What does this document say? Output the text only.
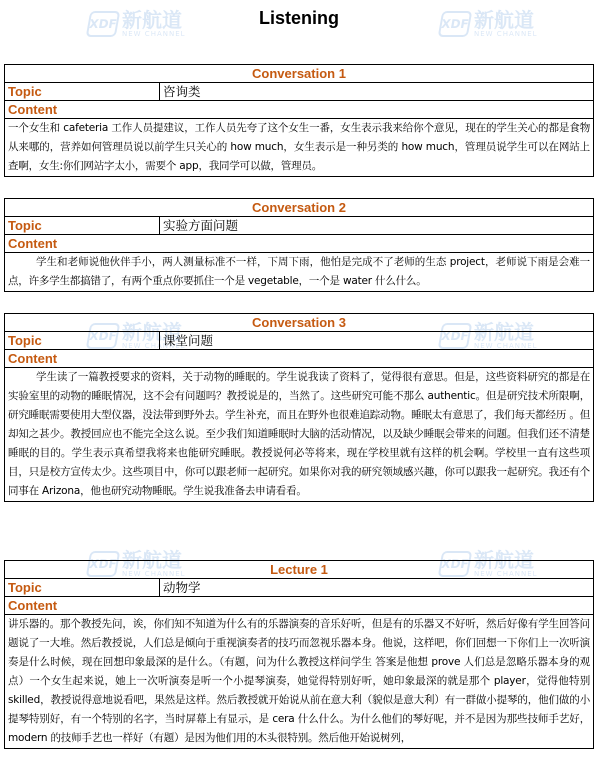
XDF 新航道
NEW CHANNEL
XDF 新航道
NEW CHANNEL
XDF 新航道
NEW CHANNEL
XDF 新航道
NEW CHANNEL
XDF 新航道
NEW CHANNEL
XDF 新航道
NEW CHANNEL
Listening
Conversation 1
Topic	咨询类
Content
一个女生和 cafeteria 工作人员提建议，工作人员先夸了这个女生一番，女生表示我来给你个意见，现在的学生关心的都是食物从来哪的，营养如何管理员说以前学生只关心的 how much，女生表示是一种另类的 how much，管理员说学生可以在网站上查啊，女生:你们网站字太小，需要个 app，我同学可以做，管理员。
Conversation 2
Topic	实验方面问题
Content
学生和老师说他伙伴手小，两人测量标准不一样，下周下雨，他怕是完成不了老师的生态 project，老师说下雨是会难一点，许多学生都搞错了，有两个重点你要抓住一个是 vegetable，一个是 water 什么什么。
Conversation 3
Topic	课堂问题
Content
学生读了一篇教授要求的资料，关于动物的睡眠的。学生说我读了资料了，觉得很有意思。但是，这些资料研究的都是在实验室里的动物的睡眠情况，这不会有问题吗？教授说是的，当然了。这些研究可能不那么 authentic。但是研究技术所限啊，研究睡眠需要使用大型仪器，没法带到野外去。学生补充，而且在野外也很难追踪动物。睡眠太有意思了，我们每天都经历 。但却知之甚少。教授回应也不能完全这么说。至少我们知道睡眠时大脑的活动情况，以及缺少睡眠会带来的问题。但我们还不清楚睡眠的目的。学生表示真希望我将来也能研究睡眠。教授说何必等将来，现在学校里就有这样的机会啊。学校里一直有这些项目，只是校方宣传太少。这些项目中，你可以跟老师一起研究。如果你对我的研究领域感兴趣，你可以跟我一起研究。我还有个同事在 Arizona，他也研究动物睡眠。学生说我准备去申请看看。
Lecture 1
Topic	动物学
Content
讲乐器的。那个教授先问，诶，你们知不知道为什么有的乐器演奏的音乐好听，但是有的乐器又不好听，然后好像有学生回答问题说了一大堆。然后教授说，人们总是倾向于重视演奏者的技巧而忽视乐器本身。他说，这样吧，你们回想一下你们上一次听演奏是什么时候，现在回想印象最深的是什么。（有题，问为什么教授这样问学生 答案是他想 prove 人们总是忽略乐器本身的观点）一个女生起来说，她上一次听演奏是听一个小提琴演奏，她觉得特别好听，她印象最深的就是那个 player，觉得他特别 skilled，教授说得意地说看吧，果然是这样。然后教授就开始说从前在意大利（貌似是意大利）有一群做小提琴的，他们做的小提琴特别好，有一个特别的名字，当时屏幕上有显示，是 cera 什么什么。为什么他们的琴好呢，并不是因为那些技师手艺好，modern 的技师手艺也一样好（有题）是因为他们用的木头很特别。然后他开始说树列，
